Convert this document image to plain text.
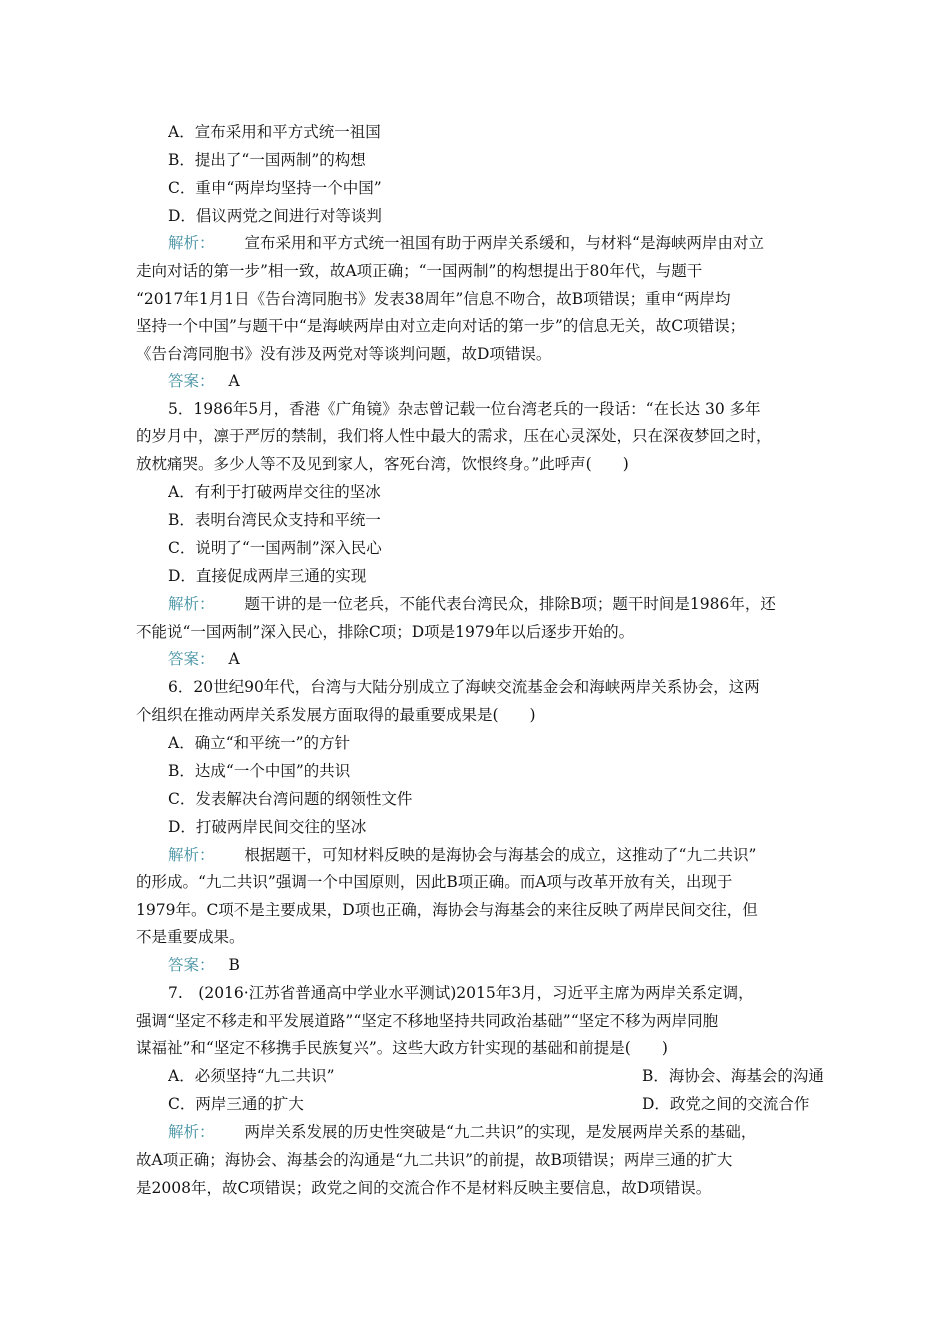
A．宣布采用和平方式统一祖国
B．提出了“一国两制”的构想
C．重申“两岸均坚持一个中国”
D．倡议两党之间进行对等谈判
解析： 宣布采用和平方式统一祖国有助于两岸关系缓和，与材料“是海峡两岸由对立
走向对话的第一步”相一致，故A项正确；“一国两制”的构想提出于80年代，与题干
“2017年1月1日《告台湾同胞书》发表38周年”信息不吻合，故B项错误；重申“两岸均
坚持一个中国”与题干中“是海峡两岸由对立走向对话的第一步”的信息无关，故C项错误；
《告台湾同胞书》没有涉及两党对等谈判问题，故D项错误。
答案： A
5．1986年5月，香港《广角镜》杂志曾记载一位台湾老兵的一段话：“在长达 30 多年
的岁月中，凛于严厉的禁制，我们将人性中最大的需求，压在心灵深处，只在深夜梦回之时，
放枕痛哭。多少人等不及见到家人，客死台湾，饮恨终身。”此呼声(　　)
A．有利于打破两岸交往的坚冰
B．表明台湾民众支持和平统一
C．说明了“一国两制”深入民心
D．直接促成两岸三通的实现
解析： 题干讲的是一位老兵，不能代表台湾民众，排除B项；题干时间是1986年，还
不能说“一国两制”深入民心，排除C项；D项是1979年以后逐步开始的。
答案： A
6．20世纪90年代，台湾与大陆分别成立了海峡交流基金会和海峡两岸关系协会，这两
个组织在推动两岸关系发展方面取得的最重要成果是(　　)
A．确立“和平统一”的方针
B．达成“一个中国”的共识
C．发表解决台湾问题的纲领性文件
D．打破两岸民间交往的坚冰
解析： 根据题干，可知材料反映的是海协会与海基会的成立，这推动了“九二共识”
的形成。“九二共识”强调一个中国原则，因此B项正确。而A项与改革开放有关，出现于
1979年。C项不是主要成果，D项也正确，海协会与海基会的来往反映了两岸民间交往，但
不是重要成果。
答案： B
7.　(2016·江苏省普通高中学业水平测试)2015年3月，习近平主席为两岸关系定调，
强调“坚定不移走和平发展道路”“坚定不移地坚持共同政治基础”“坚定不移为两岸同胞
谋福祉”和“坚定不移携手民族复兴”。这些大政方针实现的基础和前提是(　　)
A．必须坚持“九二共识”	B．海协会、海基会的沟通
C．两岸三通的扩大	D．政党之间的交流合作
解析： 两岸关系发展的历史性突破是“九二共识”的实现，是发展两岸关系的基础，
故A项正确；海协会、海基会的沟通是“九二共识”的前提，故B项错误；两岸三通的扩大
是2008年，故C项错误；政党之间的交流合作不是材料反映主要信息，故D项错误。
